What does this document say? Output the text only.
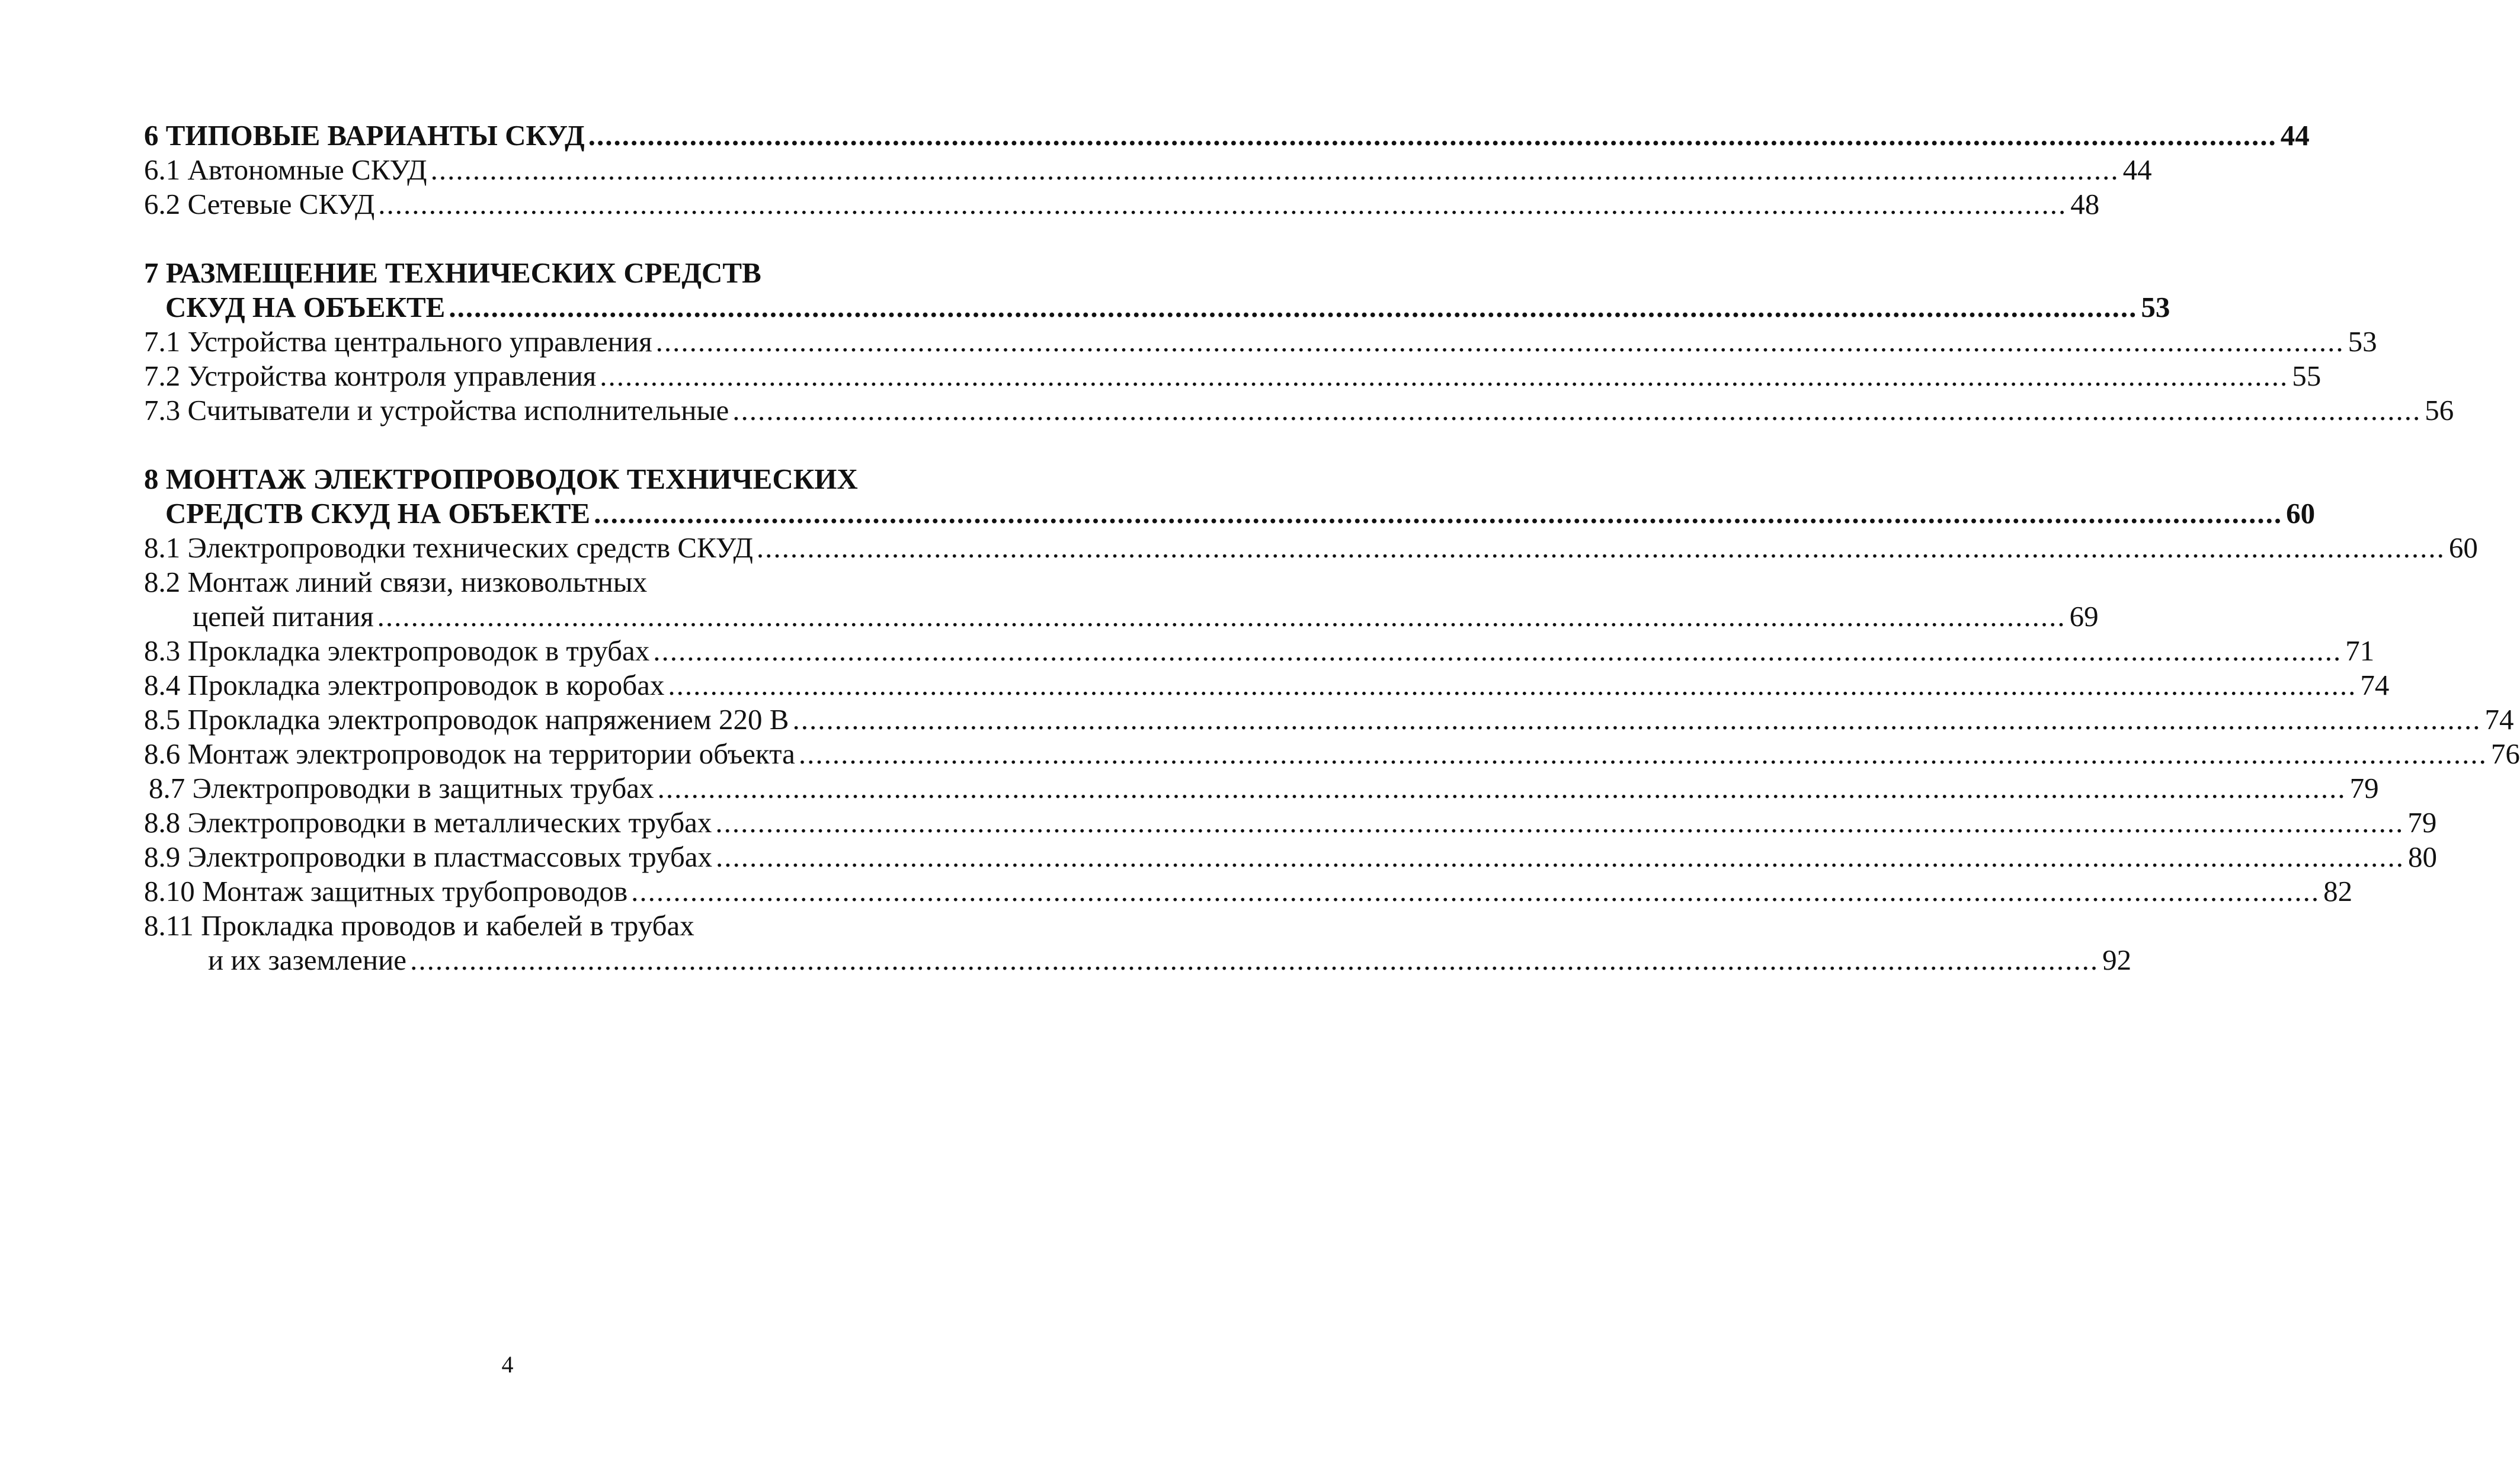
6 ТИПОВЫЕ ВАРИАНТЫ СКУД ........................................................................................................................................................................................................ 44
6.1 Автономные СКУД ........................................................................................................................................................................................................ 44
6.2 Сетевые СКУД ........................................................................................................................................................................................................ 48
7 РАЗМЕЩЕНИЕ ТЕХНИЧЕСКИХ СРЕДСТВ
СКУД НА ОБЪЕКТЕ ........................................................................................................................................................................................................ 53
7.1 Устройства центрального управления ........................................................................................................................................................................................................ 53
7.2 Устройства контроля управления ........................................................................................................................................................................................................ 55
7.3 Считыватели и устройства исполнительные ........................................................................................................................................................................................................ 56
8 МОНТАЖ ЭЛЕКТРОПРОВОДОК ТЕХНИЧЕСКИХ
СРЕДСТВ СКУД НА ОБЪЕКТЕ ........................................................................................................................................................................................................ 60
8.1 Электропроводки технических средств СКУД ........................................................................................................................................................................................................ 60
8.2 Монтаж линий связи, низковольтных
цепей питания ........................................................................................................................................................................................................ 69
8.3 Прокладка электропроводок в трубах ........................................................................................................................................................................................................ 71
8.4 Прокладка электропроводок в коробах ........................................................................................................................................................................................................ 74
8.5 Прокладка электропроводок напряжением 220 В ........................................................................................................................................................................................................ 74
8.6 Монтаж электропроводок на территории объекта ........................................................................................................................................................................................................ 76
8.7 Электропроводки в защитных трубах ........................................................................................................................................................................................................ 79
8.8 Электропроводки в металлических трубах ........................................................................................................................................................................................................ 79
8.9 Электропроводки в пластмассовых трубах ........................................................................................................................................................................................................ 80
8.10 Монтаж защитных трубопроводов ........................................................................................................................................................................................................ 82
8.11 Прокладка проводов и кабелей в трубах
и их заземление ........................................................................................................................................................................................................ 92
4
